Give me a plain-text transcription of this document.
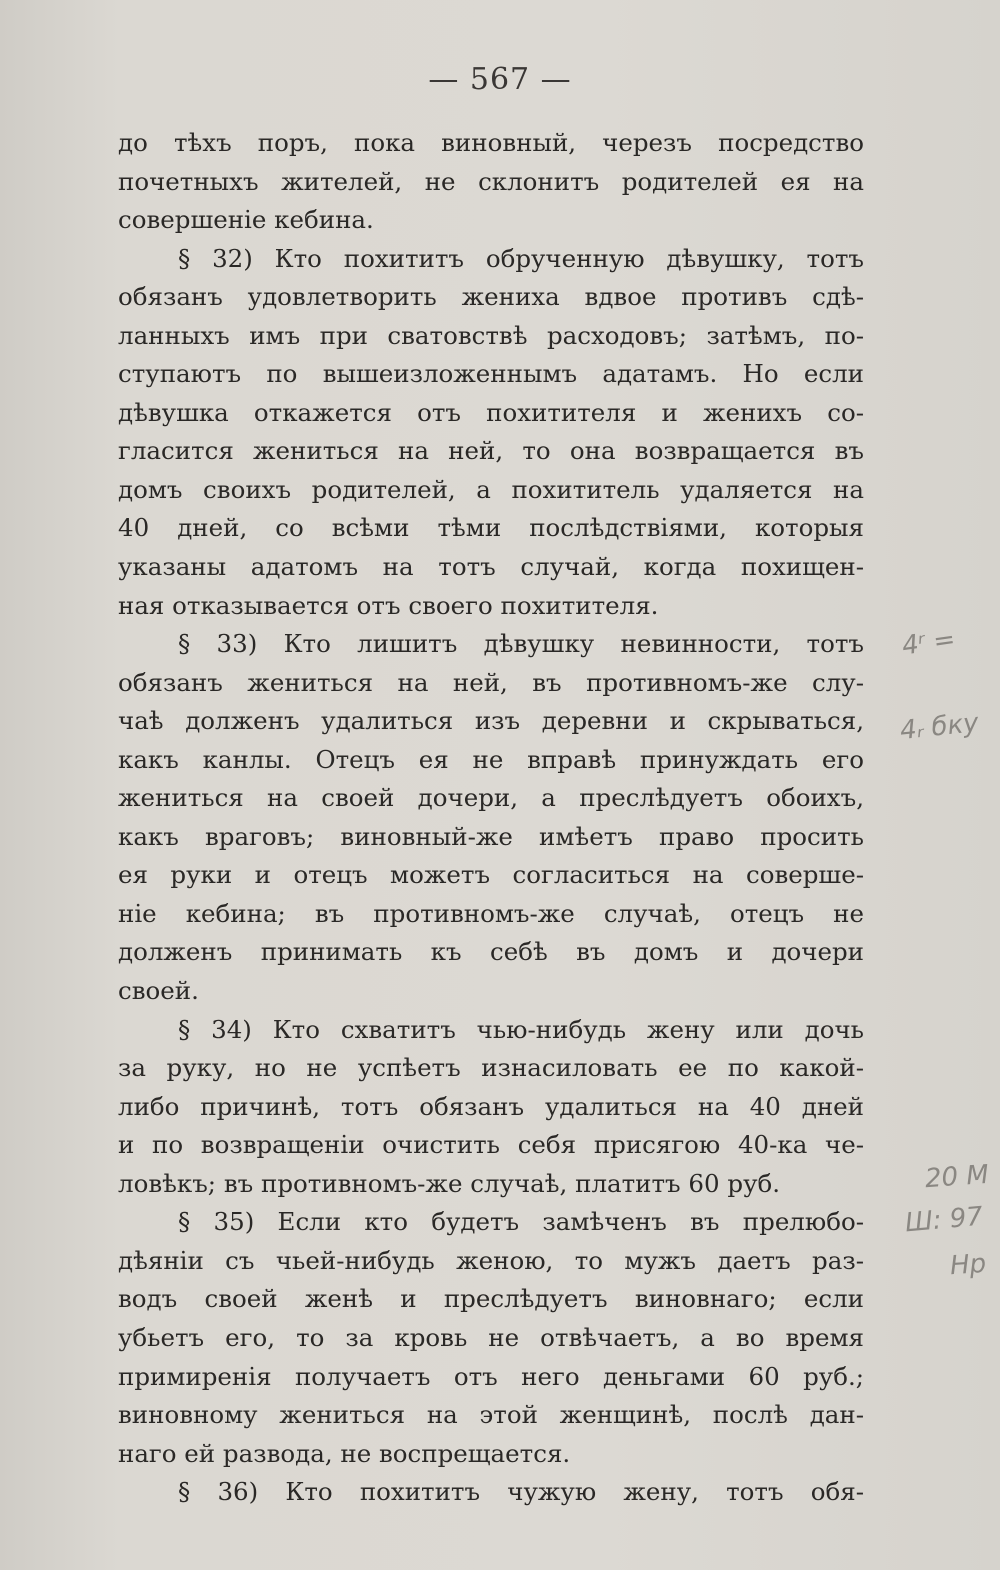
— 567 —
до тѣхъ поръ, пока виновный, черезъ посредство
почетныхъ жителей, не склонитъ родителей ея на
совершеніе кебина.
§ 32) Кто похититъ обрученную дѣвушку, тотъ
обязанъ удовлетворить жениха вдвое противъ сдѣ-
ланныхъ имъ при сватовствѣ расходовъ; затѣмъ, по-
ступаютъ по вышеизложеннымъ адатамъ. Но если
дѣвушка откажется отъ похитителя и женихъ со-
гласится жениться на ней, то она возвращается въ
домъ своихъ родителей, а похититель удаляется на
40 дней, со всѣми тѣми послѣдствіями, которыя
указаны адатомъ на тотъ случай, когда похищен-
ная отказывается отъ своего похитителя.
§ 33) Кто лишитъ дѣвушку невинности, тотъ
обязанъ жениться на ней, въ противномъ-же слу-
чаѣ долженъ удалиться изъ деревни и скрываться,
какъ канлы. Отецъ ея не вправѣ принуждать его
жениться на своей дочери, а преслѣдуетъ обоихъ,
какъ враговъ; виновный-же имѣетъ право просить
ея руки и отецъ можетъ согласиться на соверше-
ніе кебина; въ противномъ-же случаѣ, отецъ не
долженъ принимать къ себѣ въ домъ и дочери
своей.
§ 34) Кто схватитъ чью-нибудь жену или дочь
за руку, но не успѣетъ изнасиловать ее по какой-
либо причинѣ, тотъ обязанъ удалиться на 40 дней
и по возвращеніи очистить себя присягою 40-ка че-
ловѣкъ; въ противномъ-же случаѣ, платитъ 60 руб.
§ 35) Если кто будетъ замѣченъ въ прелюбо-
дѣяніи съ чьей-нибудь женою, то мужъ даетъ раз-
водъ своей женѣ и преслѣдуетъ виновнаго; если
убьетъ его, то за кровь не отвѣчаетъ, а во время
примиренія получаетъ отъ него деньгами 60 руб.;
виновному жениться на этой женщинѣ, послѣ дан-
наго ей развода, не воспрещается.
§ 36) Кто похититъ чужую жену, тотъ обя-
4ʳ =
4ᵣ бку
20 M
Ш: 97
Нр
